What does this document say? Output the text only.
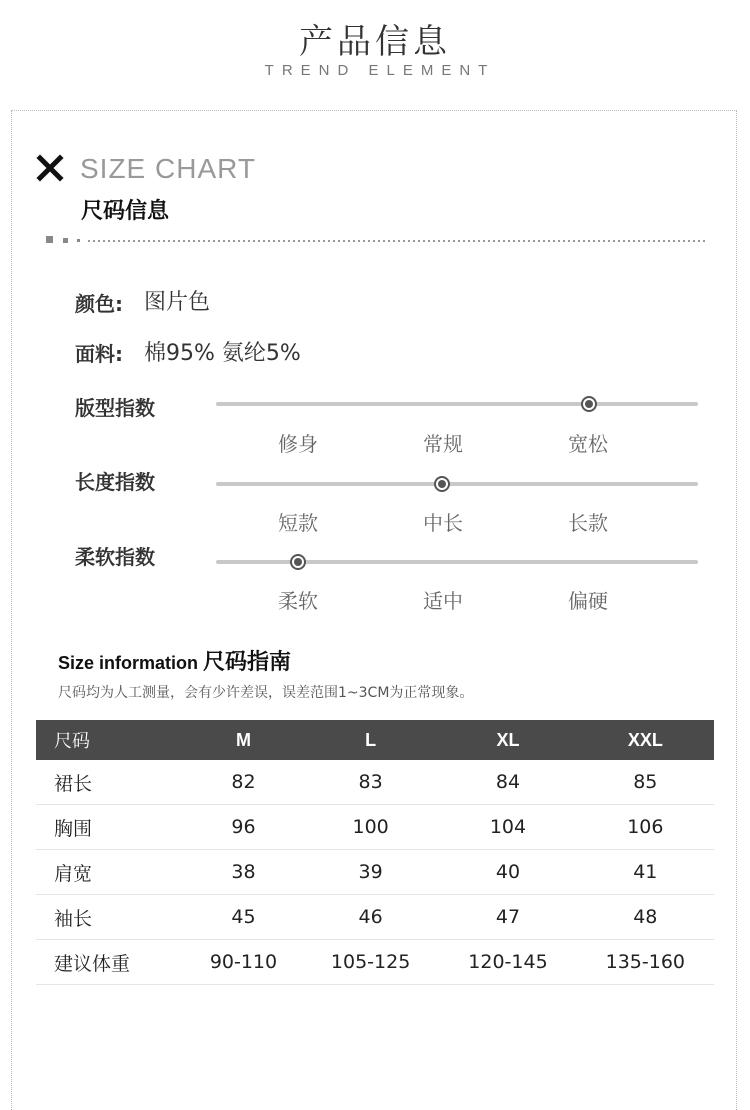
产品信息
TREND ELEMENT
SIZE CHART
尺码信息
颜色: 图片色
面料: 棉95% 氨纶5%
版型指数
修身	常规	宽松
长度指数
短款	中长	长款
柔软指数
柔软	适中	偏硬
Size information 尺码指南
尺码均为人工测量，会有少许差误，误差范围1~3CM为正常现象。
尺码	M	L	XL	XXL
裙长	82	83	84	85
胸围	96	100	104	106
肩宽	38	39	40	41
袖长	45	46	47	48
建议体重	90-110	105-125	120-145	135-160
